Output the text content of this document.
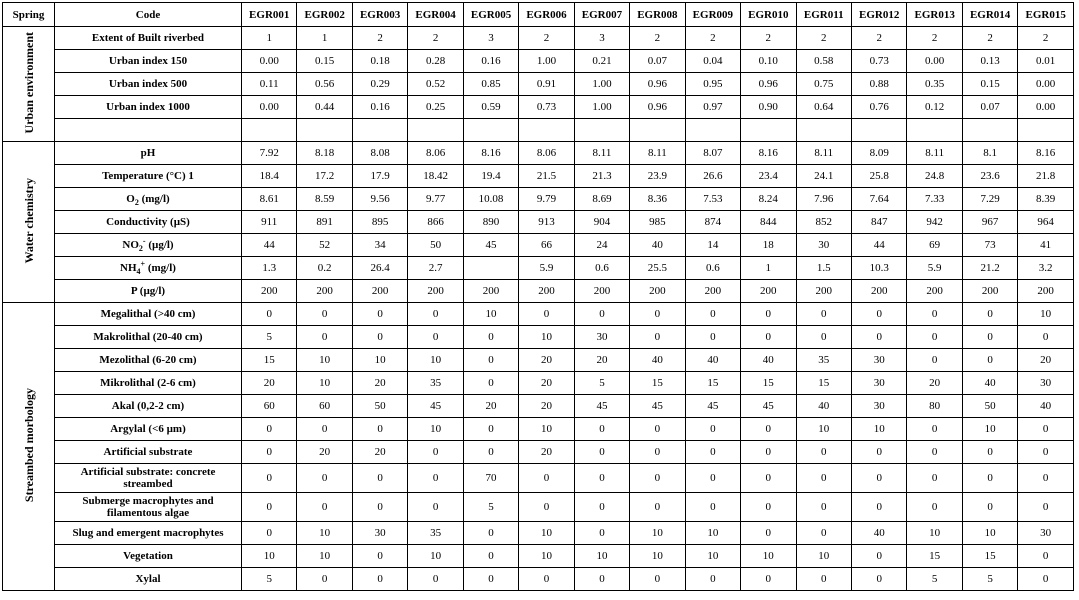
Spring	Code	EGR001	EGR002	EGR003	EGR004	EGR005	EGR006	EGR007	EGR008	EGR009	EGR010	EGR011	EGR012	EGR013	EGR014	EGR015
Urban environment	Extent of Built riverbed	1	1	2	2	3	2	3	2	2	2	2	2	2	2	2
	Urban index 150	0.00	0.15	0.18	0.28	0.16	1.00	0.21	0.07	0.04	0.10	0.58	0.73	0.00	0.13	0.01
	Urban index 500	0.11	0.56	0.29	0.52	0.85	0.91	1.00	0.96	0.95	0.96	0.75	0.88	0.35	0.15	0.00
	Urban index 1000	0.00	0.44	0.16	0.25	0.59	0.73	1.00	0.96	0.97	0.90	0.64	0.76	0.12	0.07	0.00

Water chemistry	pH	7.92	8.18	8.08	8.06	8.16	8.06	8.11	8.11	8.07	8.16	8.11	8.09	8.11	8.1	8.16
	Temperature (°C) 1	18.4	17.2	17.9	18.42	19.4	21.5	21.3	23.9	26.6	23.4	24.1	25.8	24.8	23.6	21.8
	$O_2$ (mg/l)	8.61	8.59	9.56	9.77	10.08	9.79	8.69	8.36	7.53	8.24	7.96	7.64	7.33	7.29	8.39
	Conductivity (µS)	911	891	895	866	890	913	904	985	874	844	852	847	942	967	964
	$NO_2^-$ (µg/l)	44	52	34	50	45	66	24	40	14	18	30	44	69	73	41
	$NH_4^+$ (mg/l)	1.3	0.2	26.4	2.7		5.9	0.6	25.5	0.6	1	1.5	10.3	5.9	21.2	3.2
	P (µg/l)	200	200	200	200	200	200	200	200	200	200	200	200	200	200	200
Streambed morbology	Megalithal (>40 cm)	0	0	0	0	10	0	0	0	0	0	0	0	0	0	10
	Makrolithal (20-40 cm)	5	0	0	0	0	10	30	0	0	0	0	0	0	0	0
	Mezolithal (6-20 cm)	15	10	10	10	0	20	20	40	40	40	35	30	0	0	20
	Mikrolithal (2-6 cm)	20	10	20	35	0	20	5	15	15	15	15	30	20	40	30
	Akal (0,2-2 cm)	60	60	50	45	20	20	45	45	45	45	40	30	80	50	40
	Argylal (<6 µm)	0	0	0	10	0	10	0	0	0	0	10	10	0	10	0
	Artificial substrate	0	20	20	0	0	20	0	0	0	0	0	0	0	0	0
	Artificial substrate: concrete streambed	0	0	0	0	70	0	0	0	0	0	0	0	0	0	0
	Submerge macrophytes and filamentous algae	0	0	0	0	5	0	0	0	0	0	0	0	0	0	0
	Slug and emergent macrophytes	0	10	30	35	0	10	0	10	10	0	0	40	10	10	30
	Vegetation	10	10	0	10	0	10	10	10	10	10	10	0	15	15	0
	Xylal	5	0	0	0	0	0	0	0	0	0	0	0	5	5	0
